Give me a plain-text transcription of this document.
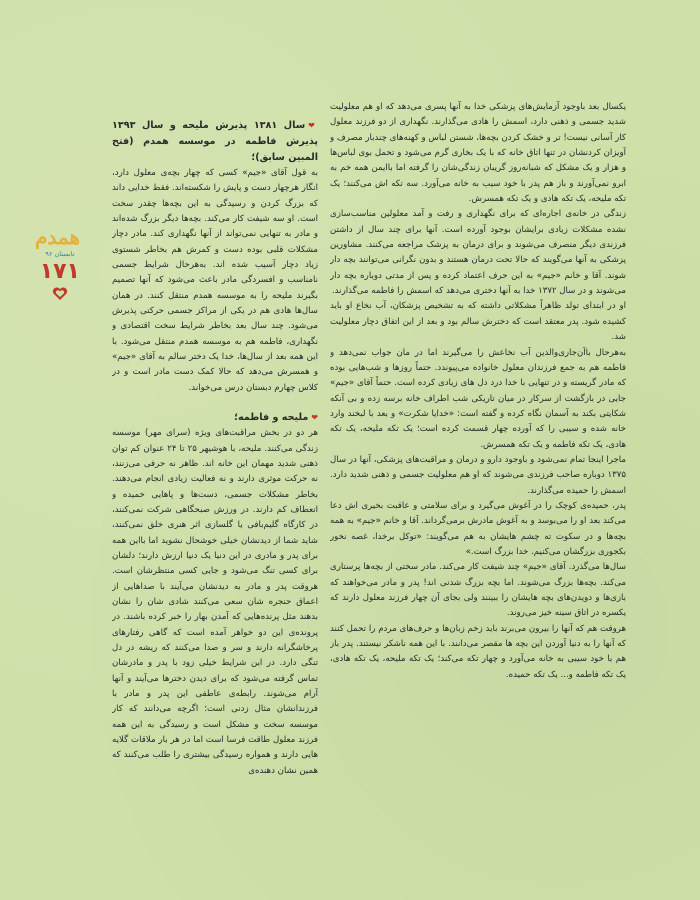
یکسال بعد باوجود آزمایش‌های پزشکی خدا به آنها پسری می‌دهد که او هم معلولیت شدید جسمی و ذهنی دارد، اسمش را هادی می‌گذارند. نگهداری از دو فرزند معلول کار آسانی نیست! تر و خشک کردن بچه‌ها، شستن لباس و کهنه‌های چندبار مصرف و آویزان کردنشان در تنها اتاق خانه که با یک بخاری گرم می‌شود و تحمل بوی لباس‌ها و هزار و یک مشکل که شبانه‌روز گریبان زندگی‌شان را گرفته اما باایمن همه خم به ابرو نمی‌آورند و باز هم پدر با خود سیب به خانه می‌آورد. سه تکه اش می‌کنند؛ یک تکه ملیحه، یک تکه هادی و یک تکه همسرش.

زندگی در خانه‌ی اجاره‌ای که برای نگهداری و رفت و آمد معلولین مناسب‌سازی نشده مشکلات زیادی برایشان بوجود آورده است. آنها برای چند سال از داشتن فرزندی دیگر منصرف می‌شوند و برای درمان به پزشک مراجعه می‌کنند. مشاورین پزشکی به آنها می‌گویند که حالا تحت درمان هستند و بدون نگرانی می‌توانند بچه دار شوند. آقا و خانم «جیم» به این حرف اعتماد کرده و پس از مدتی دوباره بچه دار می‌شوند و در سال ۱۳۷۲ خدا به آنها دختری می‌دهد که اسمش را فاطمه می‌گذارند.

او در ابتدای تولد ظاهراً مشکلاتی داشته که به تشخیص پزشکان، آب نخاع او باید کشیده شود. پدر معتقد است که دخترش سالم بود و بعد از این اتفاق دچار معلولیت شد.

به‌هرحال باآن‌جاری‌والدین آب نخاعش را می‌گیرند اما در مان جواب نمی‌دهد و فاطمه هم به جمع فرزندان معلول خانواده می‌پیوندد. حتماً روزها و شب‌هایی بوده که مادر گریسته و در تنهایی با خدا درد دل های زیادی کرده است. حتماً آقای «جیم» جایی در بازگشت از سرکار در میان تاریکی شب اطراف خانه برسه زده و بی آنکه شکایتی بکند به آسمان نگاه کرده و گفته است: «خدایا شکرت» و بعد با لبخند وارد خانه شده و سیبی را که آورده چهار قسمت کرده است؛ یک تکه ملیحه، یک تکه هادی، یک تکه فاطمه و یک تکه همسرش.

ماجرا اینجا تمام نمی‌شود و باوجود دارو و درمان و مراقبت‌های پزشکی، آنها در سال ۱۳۷۵ دوباره صاحب فرزندی می‌شوند که او هم معلولیت جسمی و ذهنی شدید دارد. اسمش را حمیده می‌گذارند.

پدر، حمیده‌ی کوچک را در آغوش می‌گیرد و برای سلامتی و عاقبت بخیری اش دعا می‌کند بعد او را می‌بوسد و به آغوش مادرش برمی‌گرداند. آقا و خانم «جیم» به همه بچه‌ها و در سکوت ته چشم هایشان به هم می‌گویند: «توکل برخدا، غصه نخور بکجوری بزرگشان می‌کنیم. خدا بزرگ است.»

سال‌ها می‌گذرد. آقای «جیم» چند شیفت کار می‌کند. مادر سختی از بچه‌ها پرستاری می‌کند. بچه‌ها بزرگ می‌شوند. اما بچه بزرگ شدنی اند! پدر و مادر می‌خواهند که بازی‌ها و دویدن‌های بچه هایشان را ببینند ولی بجای آن چهار فرزند معلول دارند که یکسره در اتاق سینه خیز می‌روند.

هروقت هم که آنها را بیرون می‌برند باید زخم زبان‌ها و حرف‌های مردم را تحمل کنند که آنها را به دنیا آوردن این بچه ها مقصر می‌دانند. با این همه ناشکر نیستند. پدر باز هم با خود سیبی به خانه می‌آورد و چهار تکه می‌کند؛ یک تکه ملیحه، یک تکه هادی، یک تکه فاطمه و... یک تکه حمیده.

❤سال ۱۳۸۱ پذیرش ملیحه و سال ۱۳۹۳ پذیرش فاطمه در موسسه همدم (فتح المبین سابق)؛

به قول آقای «جیم» کسی که چهار بچه‌ی معلول دارد، انگار هرچهار دست و پایش را شکسته‌اند. فقط خدایی داند که بزرگ کردن و رسیدگی به این بچه‌ها چقدر سخت است. او سه شیفت کار می‌کند. بچه‌ها دیگر بزرگ شده‌اند و مادر به تنهایی نمی‌تواند از آنها نگهداری کند. مادر دچار مشکلات قلبی بوده دست و کمرش هم بخاطر شستوی زیاد دچار آسیب شده اند. به‌هرحال شرایط جسمی نامناسب و افسردگی مادر باعث می‌شود که آنها تصمیم بگیرند ملیحه را به موسسه همدم منتقل کنند. در همان سال‌ها هادی هم در یکی از مراکز جسمی حرکتی پذیرش می‌شود. چند سال بعد بخاطر شرایط سخت اقتصادی و نگهداری، فاطمه هم به موسسه همدم منتقل می‌شود. با این همه بعد از سال‌ها، خدا یک دختر سالم به آقای «جیم» و همسرش می‌دهد که حالا کمک دست مادر است و در کلاس چهارم دبستان درس می‌خواند.

❤ملیحه و فاطمه؛

هر دو در بخش مراقبت‌های ویژه (سرای مهر) موسسه زندگی می‌کنند. ملیحه، با هوشیهر ۲۵ تا ۲۴ عنوان کم توان ذهنی شدید مهمان این خانه اند. ظاهر نه حرفی می‌زنند، نه حرکت موثری دارند و نه فعالیت زیادی انجام می‌دهند. بخاطر مشکلات جسمی، دست‌ها و پاهایی خمیده و انعطاف کم دارند. در ورزش صبحگاهی شرکت نمی‌کنند، در کارگاه گلیم‌بافی یا گلسازی اثر هنری خلق نمی‌کنند، شاید شما از دیدنشان خیلی خوشحال نشوید اما بااین همه برای پدر و مادری در این دنیا یک دنیا ارزش دارند؛ دلشان برای کسی تنگ می‌شود و جایی کسی منتظرشان است. هروقت پدر و مادر به دیدنشان می‌آیند با صداهایی از اعماق حنجره شان سعی می‌کنند شادی شان را نشان بدهند مثل پرنده‌هایی که آمدن بهار را خبر کرده باشند. در پرونده‌ی این دو خواهر آمده است که گاهی رفتارهای پرخاشگرانه دارند و سر و صدا می‌کنند که ریشه در دل تنگی دارد. در این شرایط خیلی زود با پدر و مادرشان تماس گرفته می‌شود که برای دیدن دخترها می‌آیند و آنها آرام می‌شوند. رابطه‌ی عاطفی این پدر و مادر با فرزندانشان مثال زدنی است؛ اگرچه می‌دانند که کار موسسه سخت و مشکل است و رسیدگی به این همه فرزند معلول طاقت فرسا است اما در هر بار ملاقات گلایه هایی دارند و همواره رسیدگی بیشتری را طلب می‌کنند که همین نشان دهنده‌ی

همدم
تابستان ۹۶
۱۷۱
